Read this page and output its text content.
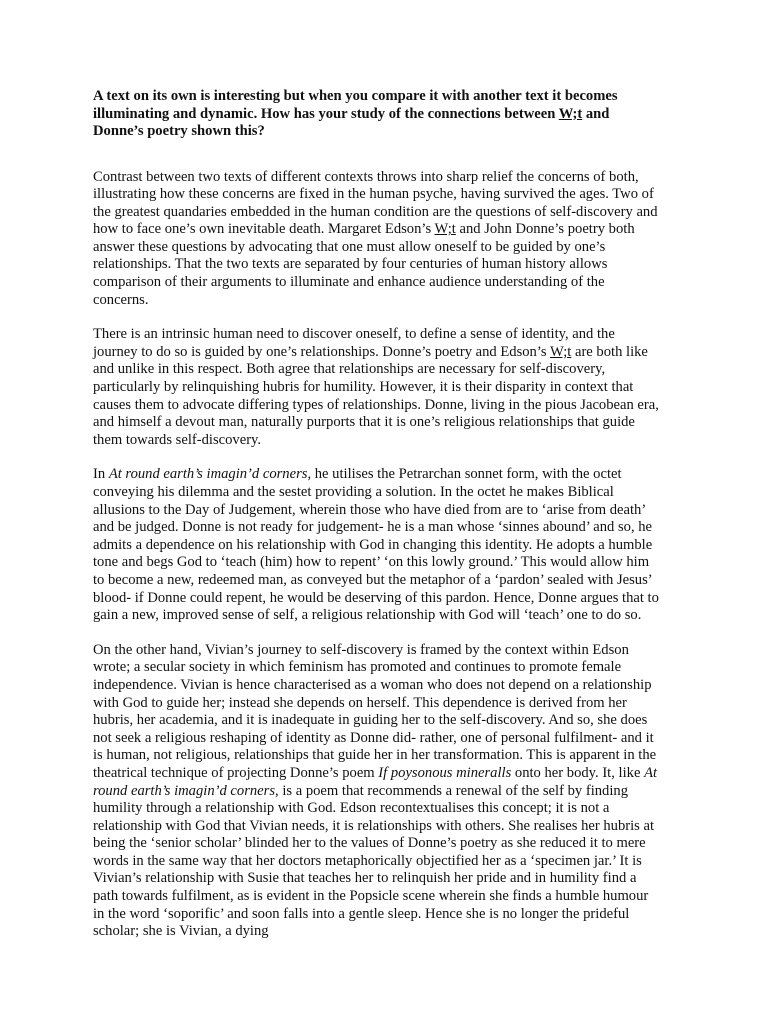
A text on its own is interesting but when you compare it with another text it becomes illuminating and dynamic. How has your study of the connections between W;t and Donne’s poetry shown this?

Contrast between two texts of different contexts throws into sharp relief the concerns of both, illustrating how these concerns are fixed in the human psyche, having survived the ages. Two of the greatest quandaries embedded in the human condition are the questions of self-discovery and how to face one’s own inevitable death. Margaret Edson’s W;t and John Donne’s poetry both answer these questions by advocating that one must allow oneself to be guided by one’s relationships. That the two texts are separated by four centuries of human history allows comparison of their arguments to illuminate and enhance audience understanding of the concerns.

There is an intrinsic human need to discover oneself, to define a sense of identity, and the journey to do so is guided by one’s relationships. Donne’s poetry and Edson’s W;t are both like and unlike in this respect. Both agree that relationships are necessary for self-discovery, particularly by relinquishing hubris for humility. However, it is their disparity in context that causes them to advocate differing types of relationships. Donne, living in the pious Jacobean era, and himself a devout man, naturally purports that it is one’s religious relationships that guide them towards self-discovery.

In At round earth’s imagin’d corners, he utilises the Petrarchan sonnet form, with the octet conveying his dilemma and the sestet providing a solution. In the octet he makes Biblical allusions to the Day of Judgement, wherein those who have died from are to ‘arise from death’ and be judged. Donne is not ready for judgement- he is a man whose ‘sinnes abound’ and so, he admits a dependence on his relationship with God in changing this identity. He adopts a humble tone and begs God to ‘teach (him) how to repent’ ‘on this lowly ground.’ This would allow him to become a new, redeemed man, as conveyed but the metaphor of a ‘pardon’ sealed with Jesus’ blood- if Donne could repent, he would be deserving of this pardon. Hence, Donne argues that to gain a new, improved sense of self, a religious relationship with God will ‘teach’ one to do so.

On the other hand, Vivian’s journey to self-discovery is framed by the context within Edson wrote; a secular society in which feminism has promoted and continues to promote female independence. Vivian is hence characterised as a woman who does not depend on a relationship with God to guide her; instead she depends on herself. This dependence is derived from her hubris, her academia, and it is inadequate in guiding her to the self-discovery. And so, she does not seek a religious reshaping of identity as Donne did- rather, one of personal fulfilment- and it is human, not religious, relationships that guide her in her transformation. This is apparent in the theatrical technique of projecting Donne’s poem If poysonous mineralls onto her body. It, like At round earth’s imagin’d corners, is a poem that recommends a renewal of the self by finding humility through a relationship with God. Edson recontextualises this concept; it is not a relationship with God that Vivian needs, it is relationships with others. She realises her hubris at being the ‘senior scholar’ blinded her to the values of Donne’s poetry as she reduced it to mere words in the same way that her doctors metaphorically objectified her as a ‘specimen jar.’ It is Vivian’s relationship with Susie that teaches her to relinquish her pride and in humility find a path towards fulfilment, as is evident in the Popsicle scene wherein she finds a humble humour in the word ‘soporific’ and soon falls into a gentle sleep. Hence she is no longer the prideful scholar; she is Vivian, a dying
